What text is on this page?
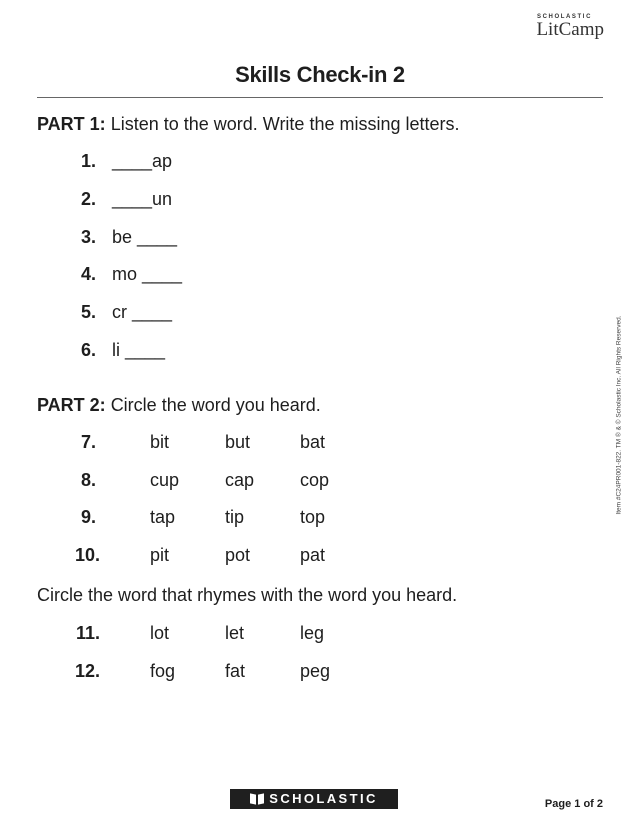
SCHOLASTIC
LitCamp
Skills Check-in 2
PART 1: Listen to the word. Write the missing letters.
1. ____ap
2. ____un
3. be ____
4. mo ____
5. cr ____
6. li ____
PART 2: Circle the word you heard.
7.	bit	but	bat
8.	cup	cap	cop
9.	tap	tip	top
10.	pit	pot	pat
Circle the word that rhymes with the word you heard.
11.	lot	let	leg
12.	fog	fat	peg
Item #C24PR001-822. TM ® & © Scholastic Inc. All Rights Reserved.
SCHOLASTIC	Page 1 of 2
